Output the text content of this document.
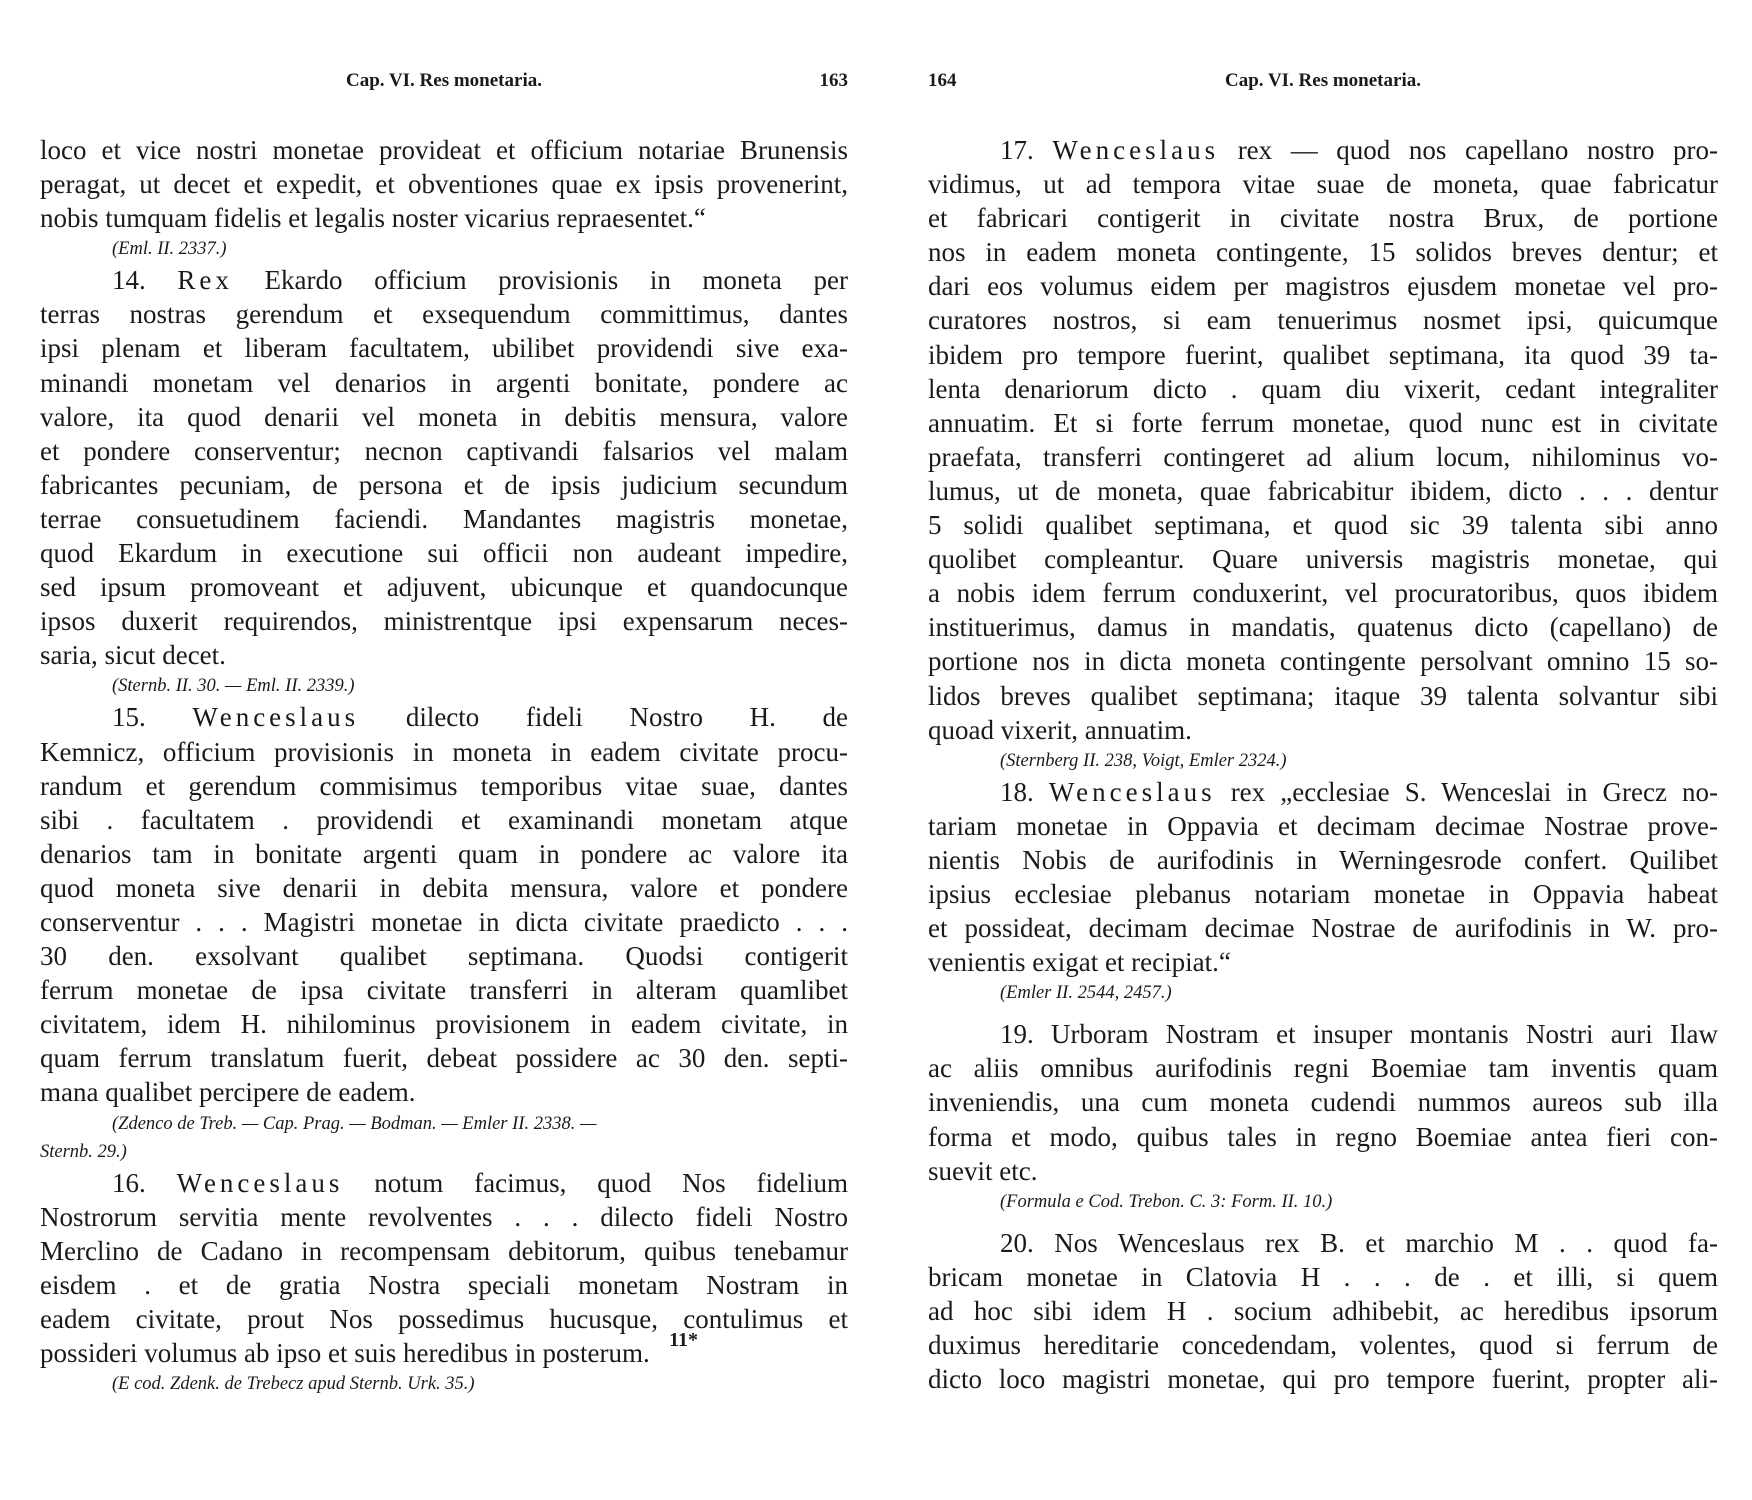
Cap. VI. Res monetaria.	163
loco et vice nostri monetae provideat et officium notariae Brunensis
peragat, ut decet et expedit, et obventiones quae ex ipsis provenerint,
nobis tumquam fidelis et legalis noster vicarius repraesentet.“
(Eml. II. 2337.)
14. Rex Ekardo officium provisionis in moneta per
terras nostras gerendum et exsequendum committimus, dantes
ipsi plenam et liberam facultatem, ubilibet providendi sive exa-
minandi monetam vel denarios in argenti bonitate, pondere ac
valore, ita quod denarii vel moneta in debitis mensura, valore
et pondere conserventur; necnon captivandi falsarios vel malam
fabricantes pecuniam, de persona et de ipsis judicium secundum
terrae consuetudinem faciendi. Mandantes magistris monetae,
quod Ekardum in executione sui officii non audeant impedire,
sed ipsum promoveant et adjuvent, ubicunque et quandocunque
ipsos duxerit requirendos, ministrentque ipsi expensarum neces-
saria, sicut decet.
(Sternb. II. 30. — Eml. II. 2339.)
15. Wenceslaus dilecto fideli Nostro H. de
Kemnicz, officium provisionis in moneta in eadem civitate procu-
randum et gerendum commisimus temporibus vitae suae, dantes
sibi . facultatem . providendi et examinandi monetam atque
denarios tam in bonitate argenti quam in pondere ac valore ita
quod moneta sive denarii in debita mensura, valore et pondere
conserventur . . . Magistri monetae in dicta civitate praedicto . . .
30 den. exsolvant qualibet septimana. Quodsi contigerit
ferrum monetae de ipsa civitate transferri in alteram quamlibet
civitatem, idem H. nihilominus provisionem in eadem civitate, in
quam ferrum translatum fuerit, debeat possidere ac 30 den. septi-
mana qualibet percipere de eadem.
(Zdenco de Treb. — Cap. Prag. — Bodman. — Emler II. 2338. —
Sternb. 29.)
16. Wenceslaus notum facimus, quod Nos fidelium
Nostrorum servitia mente revolventes . . . dilecto fideli Nostro
Merclino de Cadano in recompensam debitorum, quibus tenebamur
eisdem . et de gratia Nostra speciali monetam Nostram in
eadem civitate, prout Nos possedimus hucusque, contulimus et
possideri volumus ab ipso et suis heredibus in posterum.
(E cod. Zdenk. de Trebecz apud Sternb. Urk. 35.)
11*
164	Cap. VI. Res monetaria.
17. Wenceslaus rex — quod nos capellano nostro pro-
vidimus, ut ad tempora vitae suae de moneta, quae fabricatur
et fabricari contigerit in civitate nostra Brux, de portione
nos in eadem moneta contingente, 15 solidos breves dentur; et
dari eos volumus eidem per magistros ejusdem monetae vel pro-
curatores nostros, si eam tenuerimus nosmet ipsi, quicumque
ibidem pro tempore fuerint, qualibet septimana, ita quod 39 ta-
lenta denariorum dicto . quam diu vixerit, cedant integraliter
annuatim. Et si forte ferrum monetae, quod nunc est in civitate
praefata, transferri contingeret ad alium locum, nihilominus vo-
lumus, ut de moneta, quae fabricabitur ibidem, dicto . . . dentur
5 solidi qualibet septimana, et quod sic 39 talenta sibi anno
quolibet compleantur. Quare universis magistris monetae, qui
a nobis idem ferrum conduxerint, vel procuratoribus, quos ibidem
instituerimus, damus in mandatis, quatenus dicto (capellano) de
portione nos in dicta moneta contingente persolvant omnino 15 so-
lidos breves qualibet septimana; itaque 39 talenta solvantur sibi
quoad vixerit, annuatim.
(Sternberg II. 238, Voigt, Emler 2324.)
18. Wenceslaus rex „ecclesiae S. Wenceslai in Grecz no-
tariam monetae in Oppavia et decimam decimae Nostrae prove-
nientis Nobis de aurifodinis in Werningesrode confert. Quilibet
ipsius ecclesiae plebanus notariam monetae in Oppavia habeat
et possideat, decimam decimae Nostrae de aurifodinis in W. pro-
venientis exigat et recipiat.“
(Emler II. 2544, 2457.)
19. Urboram Nostram et insuper montanis Nostri auri Ilaw
ac aliis omnibus aurifodinis regni Boemiae tam inventis quam
inveniendis, una cum moneta cudendi nummos aureos sub illa
forma et modo, quibus tales in regno Boemiae antea fieri con-
suevit etc.
(Formula e Cod. Trebon. C. 3: Form. II. 10.)
20. Nos Wenceslaus rex B. et marchio M . . quod fa-
bricam monetae in Clatovia H . . . de . et illi, si quem
ad hoc sibi idem H . socium adhibebit, ac heredibus ipsorum
duximus hereditarie concedendam, volentes, quod si ferrum de
dicto loco magistri monetae, qui pro tempore fuerint, propter ali-
